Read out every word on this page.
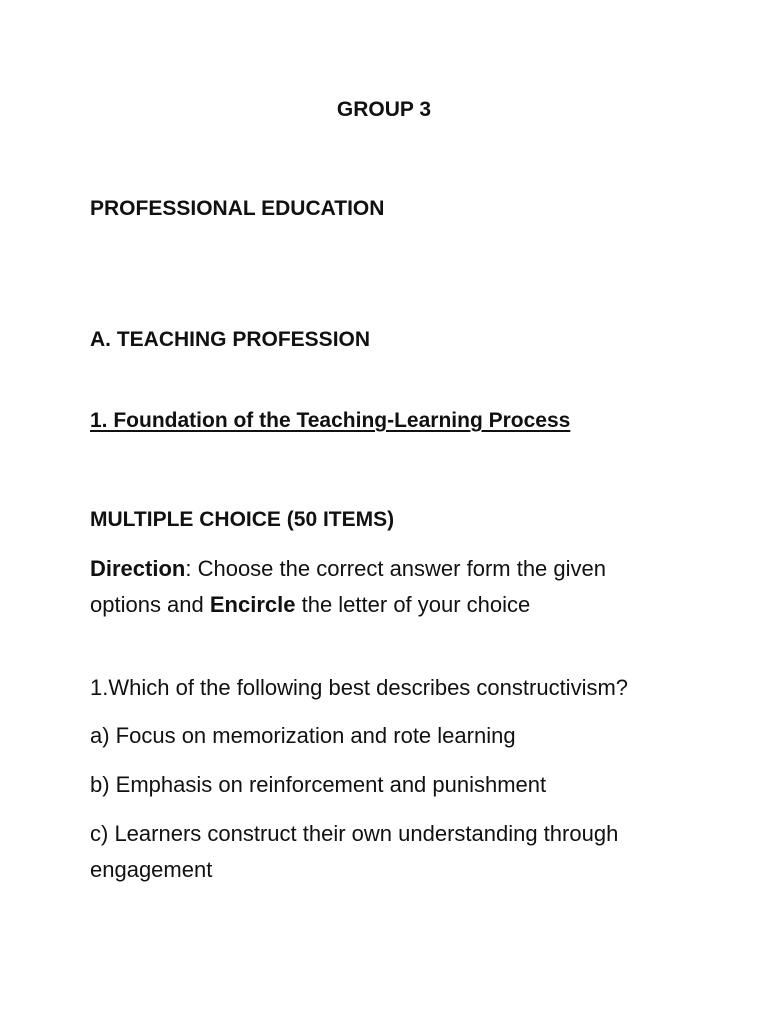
GROUP 3
PROFESSIONAL EDUCATION
A. TEACHING PROFESSION
1. Foundation of the Teaching-Learning Process
MULTIPLE CHOICE (50 ITEMS)
Direction: Choose the correct answer form the given
options and Encircle the letter of your choice
1.Which of the following best describes constructivism?
a) Focus on memorization and rote learning
b) Emphasis on reinforcement and punishment
c) Learners construct their own understanding through
engagement
